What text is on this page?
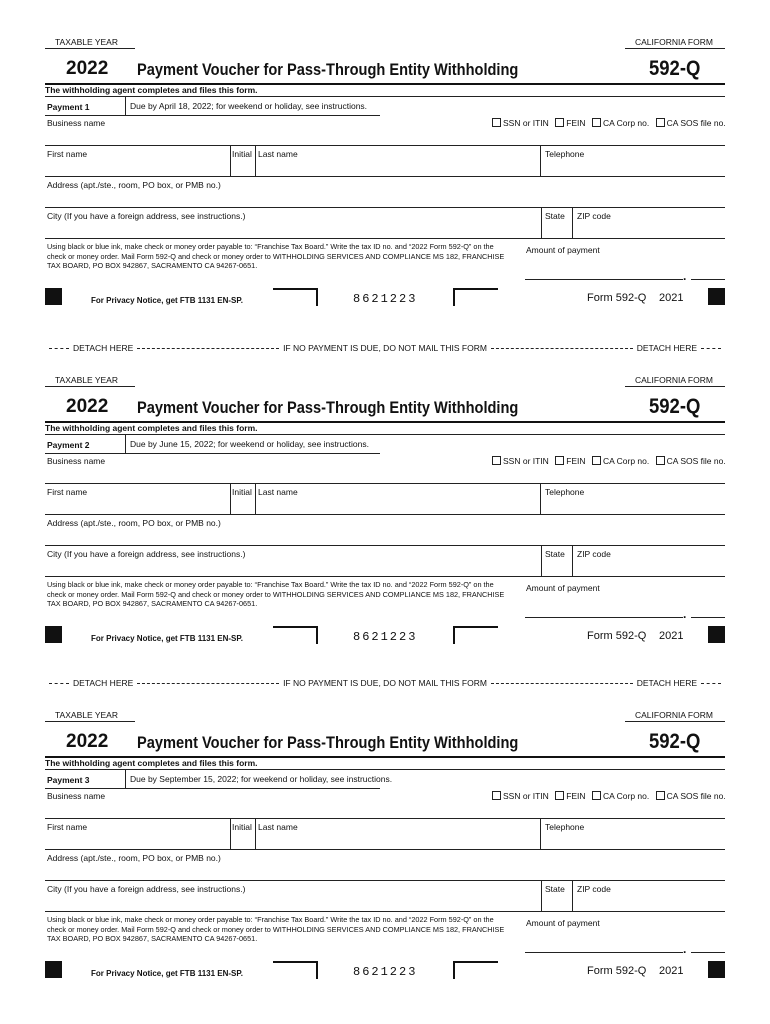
TAXABLE YEAR	CALIFORNIA FORM
2022 Payment Voucher for Pass-Through Entity Withholding	592-Q
The withholding agent completes and files this form.
Payment 1	Due by April 18, 2022; for weekend or holiday, see instructions.
Business name	SSN or ITIN FEIN CA Corp no. CA SOS file no.
First name	Initial Last name	Telephone
Address (apt./ste., room, PO box, or PMB no.)
City (If you have a foreign address, see instructions.)	State ZIP code
Using black or blue ink, make check or money order payable to: “Franchise Tax Board.” Write the tax ID no. and “2022 Form 592-Q” on the check or money order. Mail Form 592-Q and check or money order to WITHHOLDING SERVICES AND COMPLIANCE MS 182, FRANCHISE TAX BOARD, PO BOX 942867, SACRAMENTO CA 94267-0651.
Amount of payment
.
For Privacy Notice, get FTB 1131 EN-SP.	8621223	Form 592-Q 2021
TAXABLE YEAR	CALIFORNIA FORM
2022 Payment Voucher for Pass-Through Entity Withholding	592-Q
The withholding agent completes and files this form.
Payment 2	Due by June 15, 2022; for weekend or holiday, see instructions.
Business name	SSN or ITIN FEIN CA Corp no. CA SOS file no.
First name	Initial Last name	Telephone
Address (apt./ste., room, PO box, or PMB no.)
City (If you have a foreign address, see instructions.)	State ZIP code
Using black or blue ink, make check or money order payable to: “Franchise Tax Board.” Write the tax ID no. and “2022 Form 592-Q” on the check or money order. Mail Form 592-Q and check or money order to WITHHOLDING SERVICES AND COMPLIANCE MS 182, FRANCHISE TAX BOARD, PO BOX 942867, SACRAMENTO CA 94267-0651.
Amount of payment
.
For Privacy Notice, get FTB 1131 EN-SP.	8621223	Form 592-Q 2021
TAXABLE YEAR	CALIFORNIA FORM
2022 Payment Voucher for Pass-Through Entity Withholding	592-Q
The withholding agent completes and files this form.
Payment 3	Due by September 15, 2022; for weekend or holiday, see instructions.
Business name	SSN or ITIN FEIN CA Corp no. CA SOS file no.
First name	Initial Last name	Telephone
Address (apt./ste., room, PO box, or PMB no.)
City (If you have a foreign address, see instructions.)	State ZIP code
Using black or blue ink, make check or money order payable to: “Franchise Tax Board.” Write the tax ID no. and “2022 Form 592-Q” on the check or money order. Mail Form 592-Q and check or money order to WITHHOLDING SERVICES AND COMPLIANCE MS 182, FRANCHISE TAX BOARD, PO BOX 942867, SACRAMENTO CA 94267-0651.
Amount of payment
.
For Privacy Notice, get FTB 1131 EN-SP.	8621223	Form 592-Q 2021
DETACH HERE	IF NO PAYMENT IS DUE, DO NOT MAIL THIS FORM	DETACH HERE
DETACH HERE	IF NO PAYMENT IS DUE, DO NOT MAIL THIS FORM	DETACH HERE
